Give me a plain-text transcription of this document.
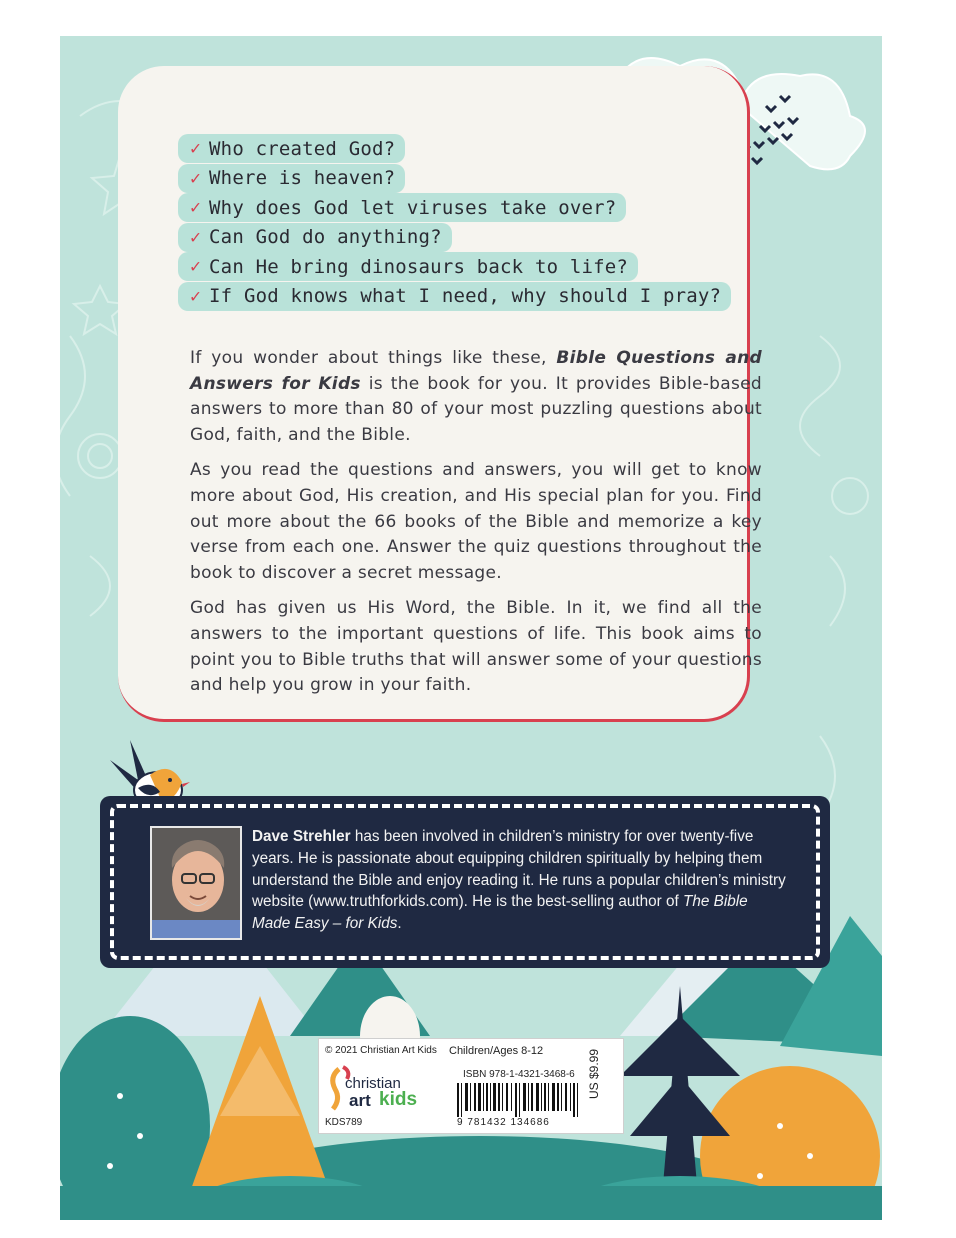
✓ Who created God?
✓ Where is heaven?
✓ Why does God let viruses take over?
✓ Can God do anything?
✓ Can He bring dinosaurs back to life?
✓ If God knows what I need, why should I pray?

If you wonder about things like these, Bible Questions and Answers for Kids is the book for you. It provides Bible-based answers to more than 80 of your most puzzling questions about God, faith, and the Bible.

As you read the questions and answers, you will get to know more about God, His creation, and His special plan for you. Find out more about the 66 books of the Bible and memorize a key verse from each one. Answer the quiz questions throughout the book to discover a secret message.

God has given us His Word, the Bible. In it, we find all the answers to the important questions of life. This book aims to point you to Bible truths that will answer some of your questions and help you grow in your faith.

Dave Strehler has been involved in children’s ministry for over twenty-five years. He is passionate about equipping children spiritually by helping them understand the Bible and enjoy reading it. He runs a popular children’s ministry website (www.truthforkids.com). He is the best-selling author of The Bible Made Easy – for Kids.
© 2021 Christian Art Kids Children/Ages 8-12
christian
art kids
KDS789
ISBN 978-1-4321-3468-6
9 781432 134686
US $9.99
